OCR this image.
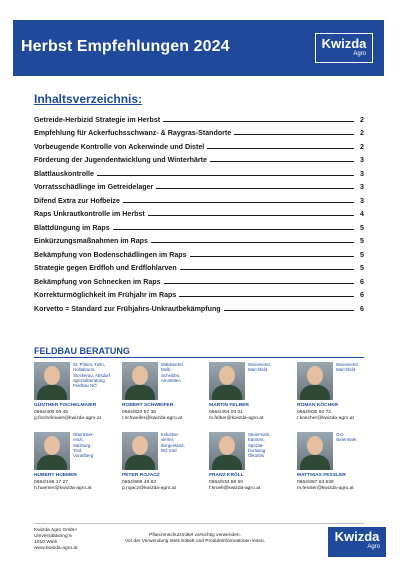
Herbst Empfehlungen 2024	Kwizda
Agro
Inhaltsverzeichnis:
Getreide-Herbizid Strategie im Herbst	2
Empfehlung für Ackerfuchsschwanz- & Raygras-Standorte	2
Vorbeugende Kontrolle von Ackerwinde und Distel	2
Förderung der Jugendentwicklung und Winterhärte	3
Blattlauskontrolle	3
Vorratsschädlinge im Getreidelager	3
Difend Extra zur Hofbeize	3
Raps Unkrautkontrolle im Herbst	4
Blattdüngung im Raps	5
Einkürzungsmaßnahmen im Raps	5
Bekämpfung von Bodenschädlingen im Raps	5
Strategie gegen Erdfloh und Erdflohlarven	5
Bekämpfung von Schnecken im Raps	6
Korrekturmöglichkeit im Frühjahr im Raps	6
Korvetto = Standard zur Frühjahrs-Unkrautbekämpfung	6
FELDBAU BERATUNG
St. Pölten, Tulln,
Hollabrunn,
Stockerau, Absdorf
Spezialberatung
Feldbau NÖ
GÜNTHER FISCHELMAIER
0664/400 06 45
g.fischelmaier@kwizda-agro.at
Waldviertel,
Melk,
Scheibbs,
Amstetten
ROBERT SCHWEIFER
0664/822 57 38
r.schweifer@kwizda-agro.at
Weinviertel,
Marchfeld
MARTIN FELBER
0664/454 03 01
m.felber@kwizda-agro.at
Weinviertel,
Marchfeld
ROMAN KÖCHER
0664/830 92 72
r.koecher@kwizda-agro.at
Oberöster-
reich,
Salzburg,
Tirol,
Vorarlberg
HUBERT HUEMER
0664/166 17 27
h.huemer@kwizda-agro.at
Industrie-
viertel,
Burgenland,
NÖ Süd
PETER ROJACZ
0664/969 48 83
p.rojacz@kwizda-agro.at
Steiermark,
Kärnten,
Spezial-
beratung
Ölkürbis
FRANZ KRÖLL
0664/534 58 50
f.kroell@kwizda-agro.at
Ost-
steiermark
MATTHIAS FESSLER
0664/887 63 636
m.fessler@kwizda-agro.at
Kwizda Agro GmbH
Universitätsring 6
1010 Wien
www.kwizda-agro.at
Pflanzenschutzmittel vorsichtig verwenden.
Vor der Verwendung stets Etikett und Produktinformationen lesen.	Kwizda
Agro
